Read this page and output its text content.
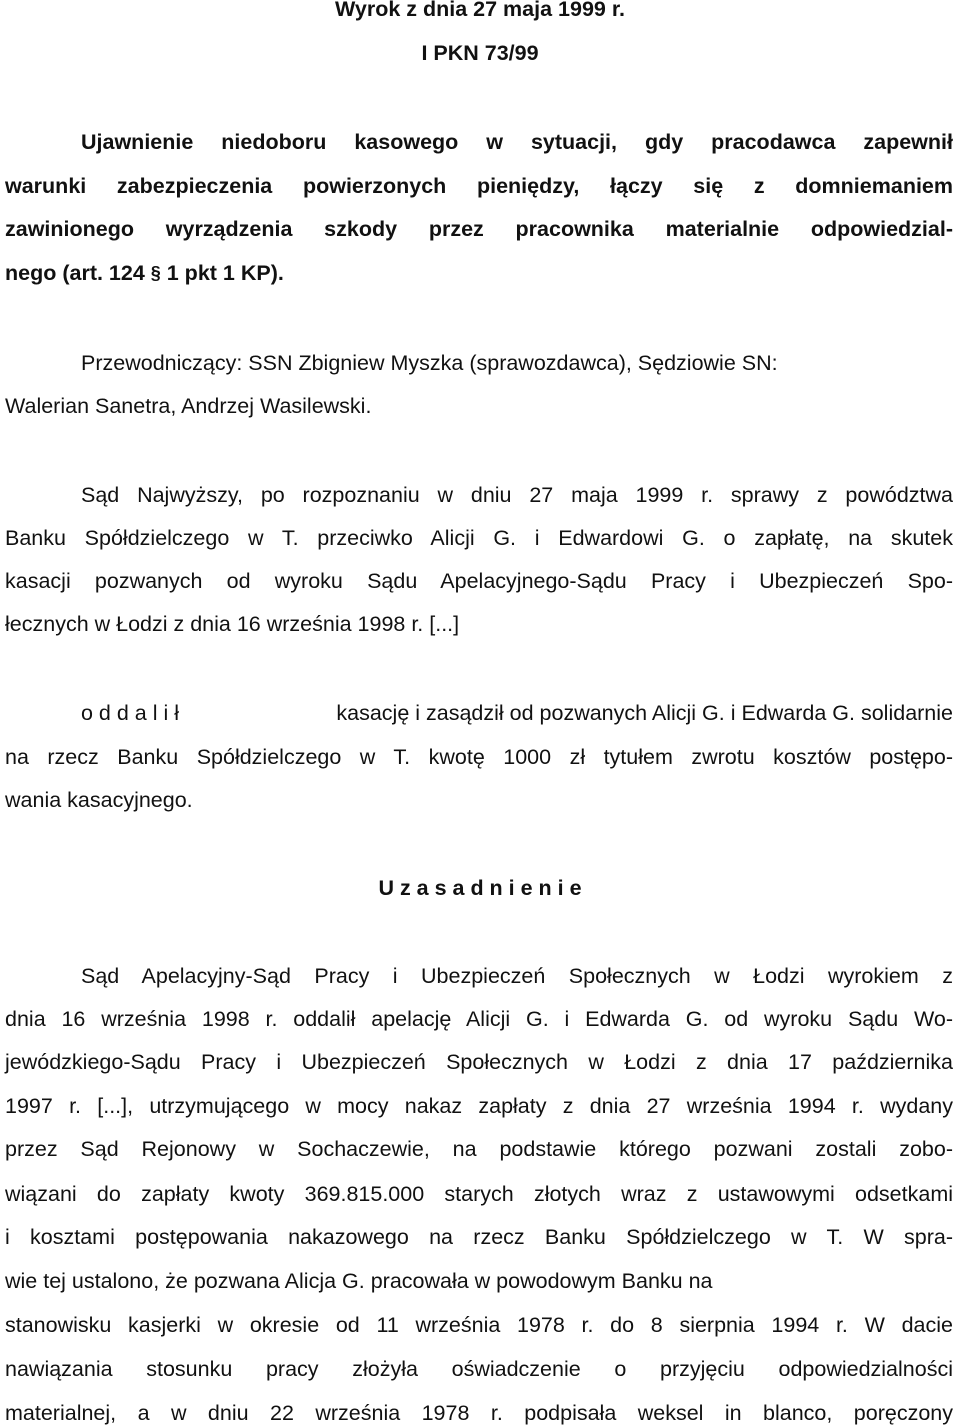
Wyrok z dnia 27 maja 1999 r.
I PKN 73/99
Ujawnienie niedoboru kasowego w sytuacji, gdy pracodawca zapewnił
warunki zabezpieczenia powierzonych pieniędzy, łączy się z domniemaniem
zawinionego wyrządzenia szkody przez pracownika materialnie odpowiedzial-
nego (art. 124 § 1 pkt 1 KP).
Przewodniczący: SSN Zbigniew Myszka (sprawozdawca), Sędziowie SN:
Walerian Sanetra, Andrzej Wasilewski.
Sąd Najwyższy, po rozpoznaniu w dniu 27 maja 1999 r. sprawy z powództwa
Banku Spółdzielczego w T. przeciwko Alicji G. i Edwardowi G. o zapłatę, na skutek
kasacji pozwanych od wyroku Sądu Apelacyjnego-Sądu Pracy i Ubezpieczeń Spo-
łecznych w Łodzi z dnia 16 września 1998 r. [...]
o d d a l i ł	kasację i zasądził od pozwanych Alicji G. i Edwarda G. solidarnie
na rzecz Banku Spółdzielczego w T. kwotę 1000 zł tytułem zwrotu kosztów postępo-
wania kasacyjnego.
U z a s a d n i e n i e
Sąd Apelacyjny-Sąd Pracy i Ubezpieczeń Społecznych w Łodzi wyrokiem z
dnia 16 września 1998 r. oddalił apelację Alicji G. i Edwarda G. od wyroku Sądu Wo-
jewódzkiego-Sądu Pracy i Ubezpieczeń Społecznych w Łodzi z dnia 17 października
1997 r. [...], utrzymującego w mocy nakaz zapłaty z dnia 27 września 1994 r. wydany
przez Sąd Rejonowy w Sochaczewie, na podstawie którego pozwani zostali zobo-
wiązani do zapłaty kwoty 369.815.000 starych złotych wraz z ustawowymi odsetkami
i kosztami postępowania nakazowego na rzecz Banku Spółdzielczego w T. W spra-
wie tej ustalono, że pozwana Alicja G. pracowała w powodowym Banku na
stanowisku kasjerki w okresie od 11 września 1978 r. do 8 sierpnia 1994 r. W dacie
nawiązania stosunku pracy złożyła oświadczenie o przyjęciu odpowiedzialności
materialnej, a w dniu 22 września 1978 r. podpisała weksel in blanco, poręczony
